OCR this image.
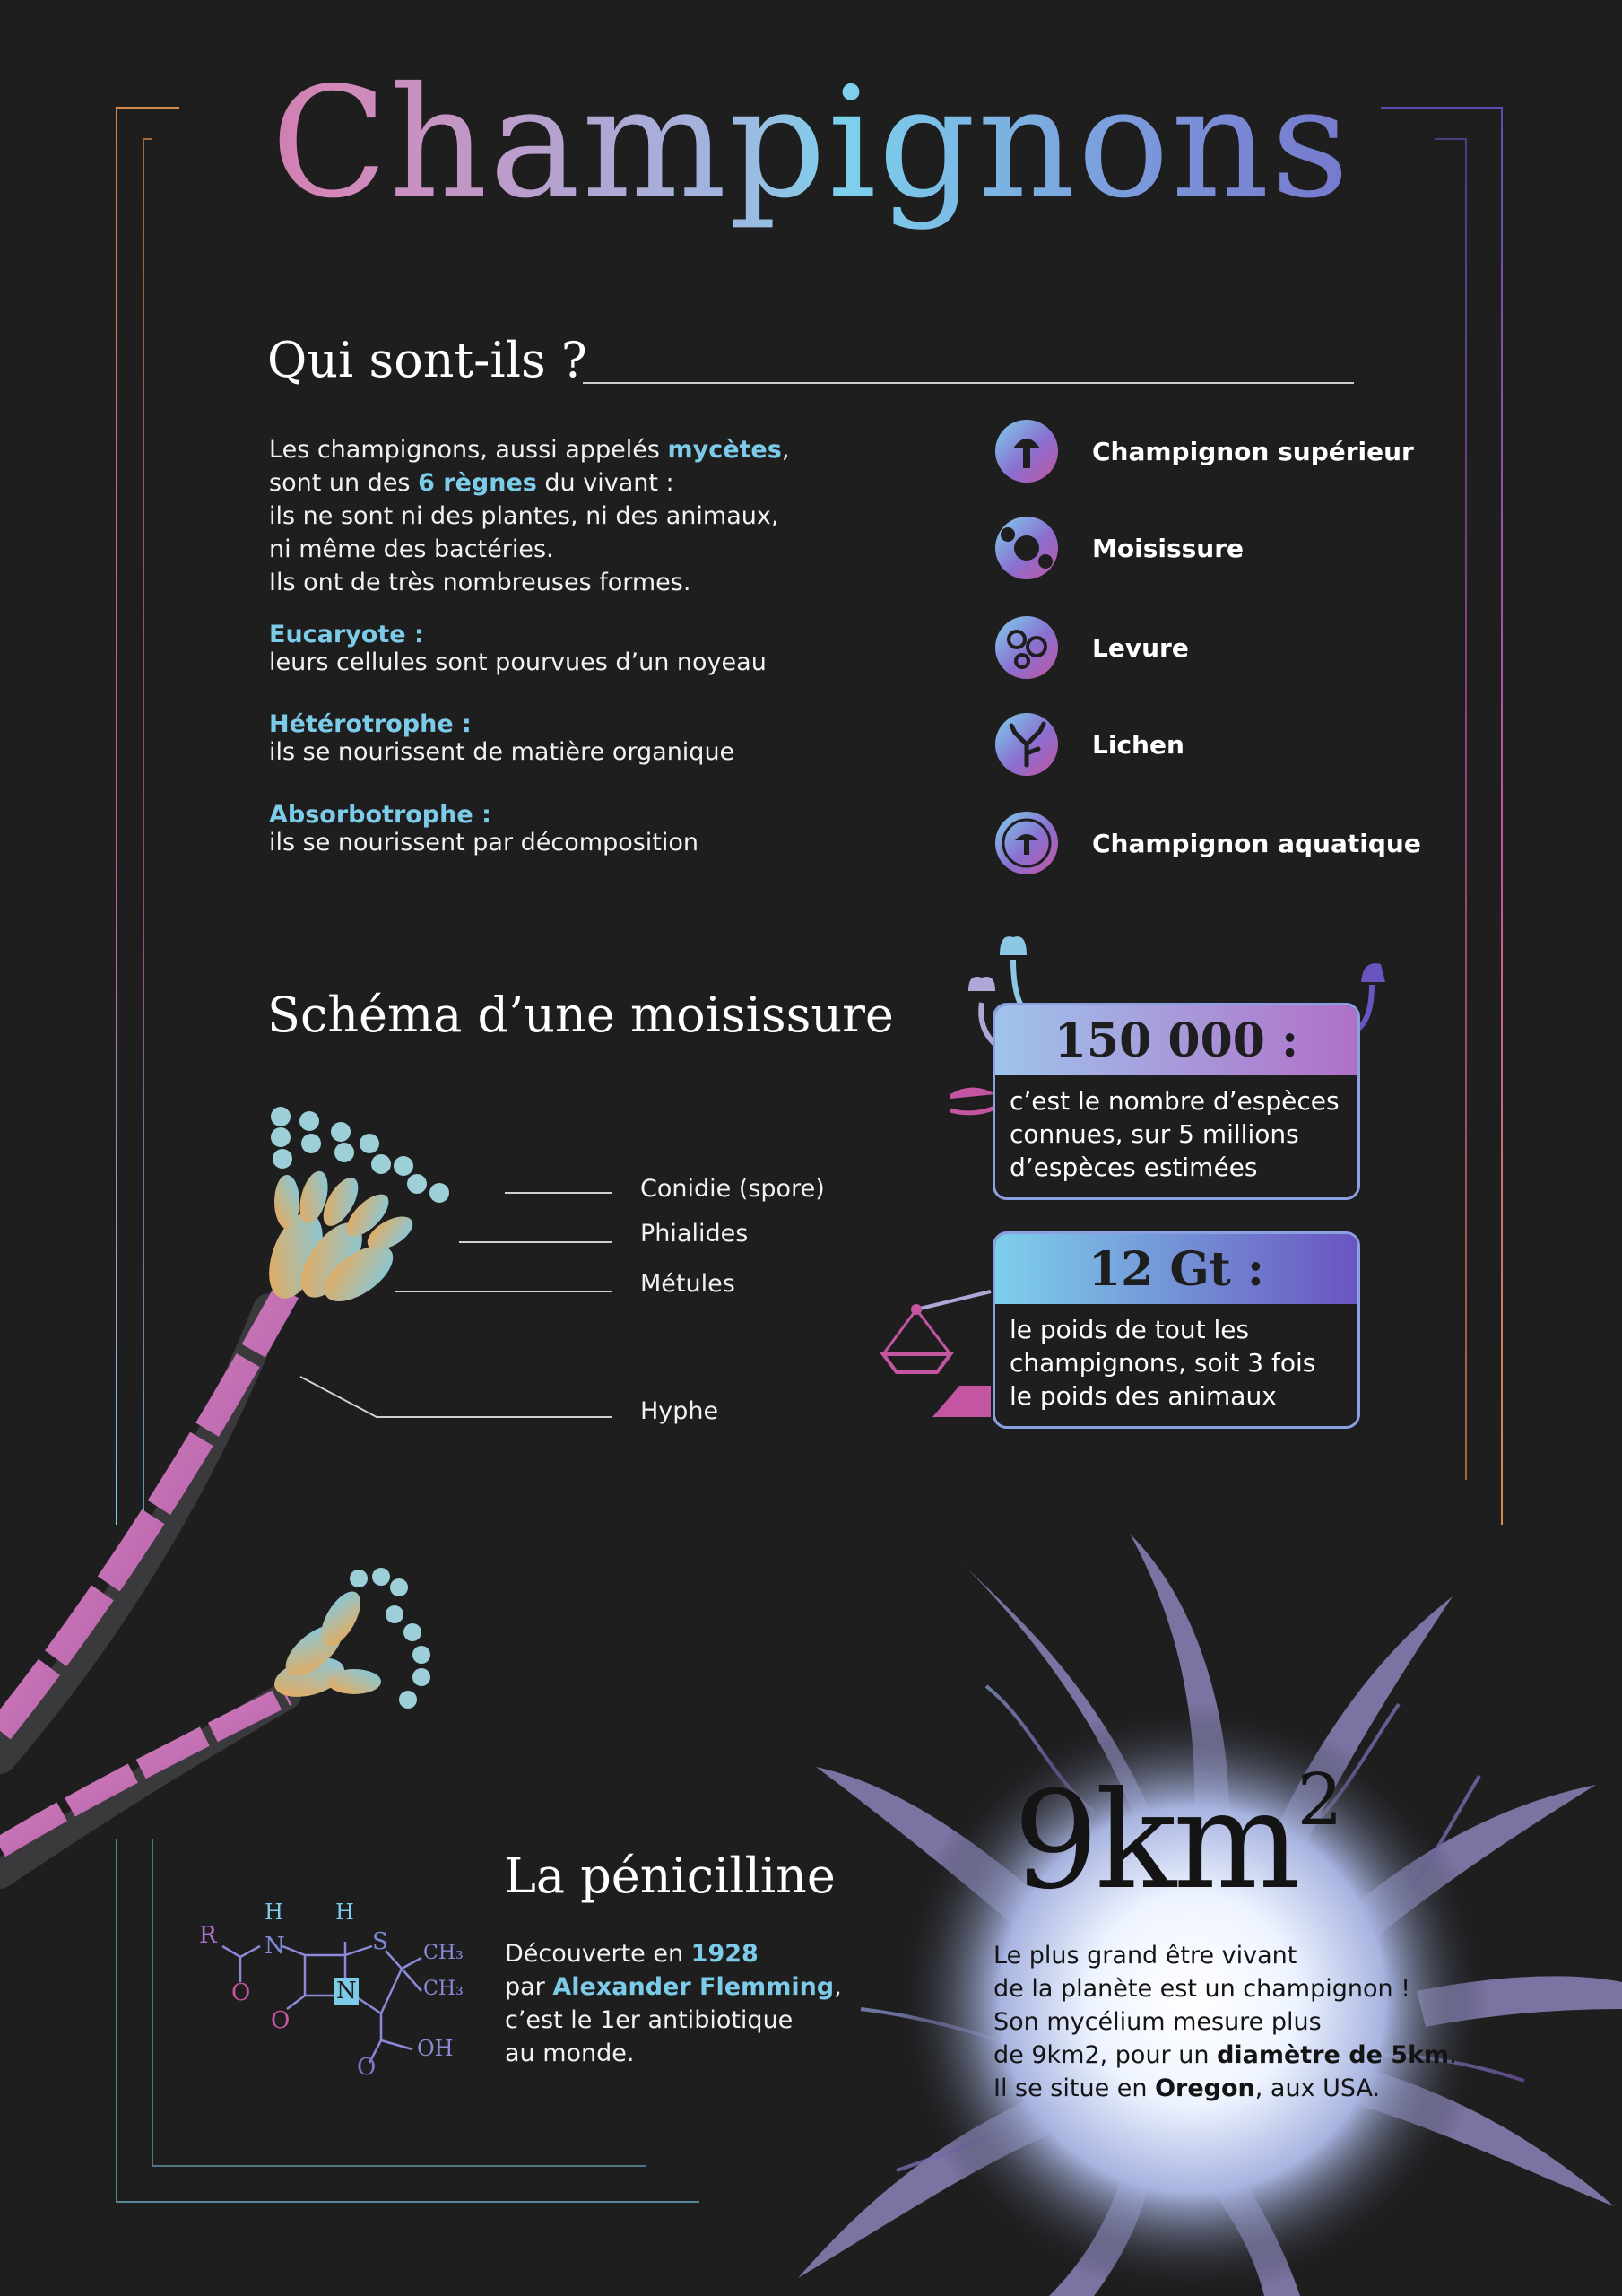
Champignons
Qui sont-ils ?
Les champignons, aussi appelés mycètes,
sont un des 6 règnes du vivant :
ils ne sont ni des plantes, ni des animaux,
ni même des bactéries.
Ils ont de très nombreuses formes.
Eucaryote :
leurs cellules sont pourvues d’un noyeau
Hétérotrophe :
ils se nourissent de matière organique
Absorbotrophe :
ils se nourissent par décomposition
Champignon supérieur
Moisissure
Levure
Lichen
Champignon aquatique
Schéma d’une moisissure
Conidie (spore)
Phialides
Métules
Hyphe
150 000 :
c’est le nombre d’espèces
connues, sur 5 millions
d’espèces estimées
12 Gt :
le poids de tout les
champignons, soit 3 fois
le poids des animaux
La pénicilline
Découverte en 1928
par Alexander Flemming,
c’est le 1er antibiotique
au monde.
R N
H H
S
N
O
O
O
CH₃
CH₃
OH
$9km^2$
Le plus grand être vivant
de la planète est un champignon !
Son mycélium mesure plus
de 9km2, pour un diamètre de 5km.
Il se situe en Oregon, aux USA.
